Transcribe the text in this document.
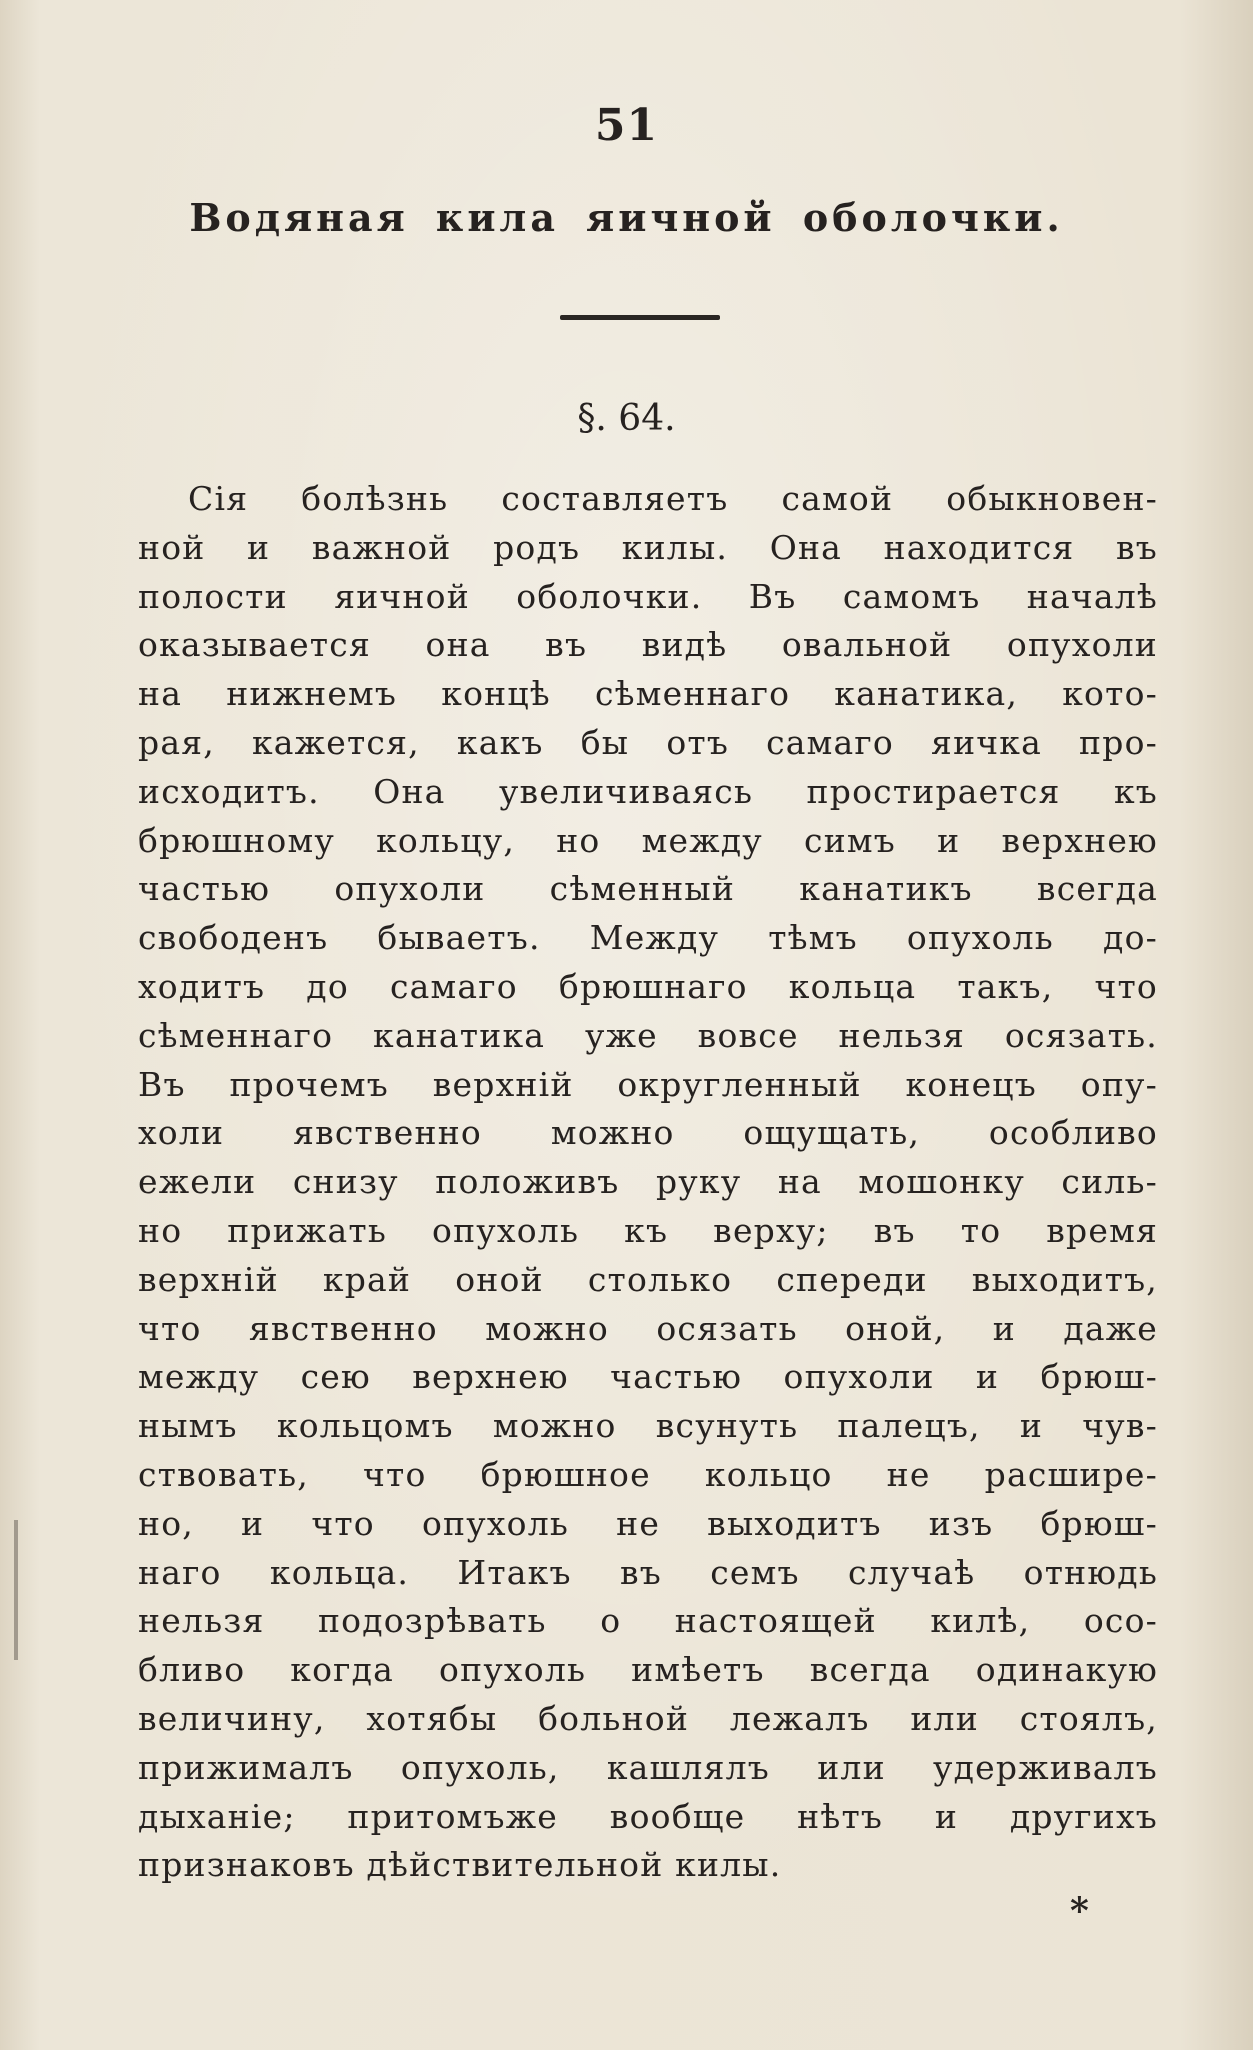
51
Водяная кила яичной оболочки.
§. 64.
Сія болѣзнь составляетъ самой обыкновен-
ной и важной родъ килы. Она находится въ
полости яичной оболочки. Въ самомъ началѣ
оказывается она въ видѣ овальной опухоли
на нижнемъ концѣ сѣменнаго канатика, кото-
рая, кажется, какъ бы отъ самаго яичка про-
исходитъ. Она увеличиваясь простирается къ
брюшному кольцу, но между симъ и верхнею
частью опухоли сѣменный канатикъ всегда
свободенъ бываетъ. Между тѣмъ опухоль до-
ходитъ до самаго брюшнаго кольца такъ, что
сѣменнаго канатика уже вовсе нельзя осязать.
Въ прочемъ верхній округленный конецъ опу-
холи явственно можно ощущать, особливо
ежели снизу положивъ руку на мошонку силь-
но прижать опухоль къ верху; въ то время
верхній край оной столько спереди выходитъ,
что явственно можно осязать оной, и даже
между сею верхнею частью опухоли и брюш-
нымъ кольцомъ можно всунуть палецъ, и чув-
ствовать, что брюшное кольцо не расшире-
но, и что опухоль не выходитъ изъ брюш-
наго кольца. Итакъ въ семъ случаѣ отнюдь
нельзя подозрѣвать о настоящей килѣ, осо-
бливо когда опухоль имѣетъ всегда одинакую
величину, хотябы больной лежалъ или стоялъ,
прижималъ опухоль, кашлялъ или удерживалъ
дыханіе; притомъже вообще нѣтъ и другихъ
признаковъ дѣйствительной килы.
*
